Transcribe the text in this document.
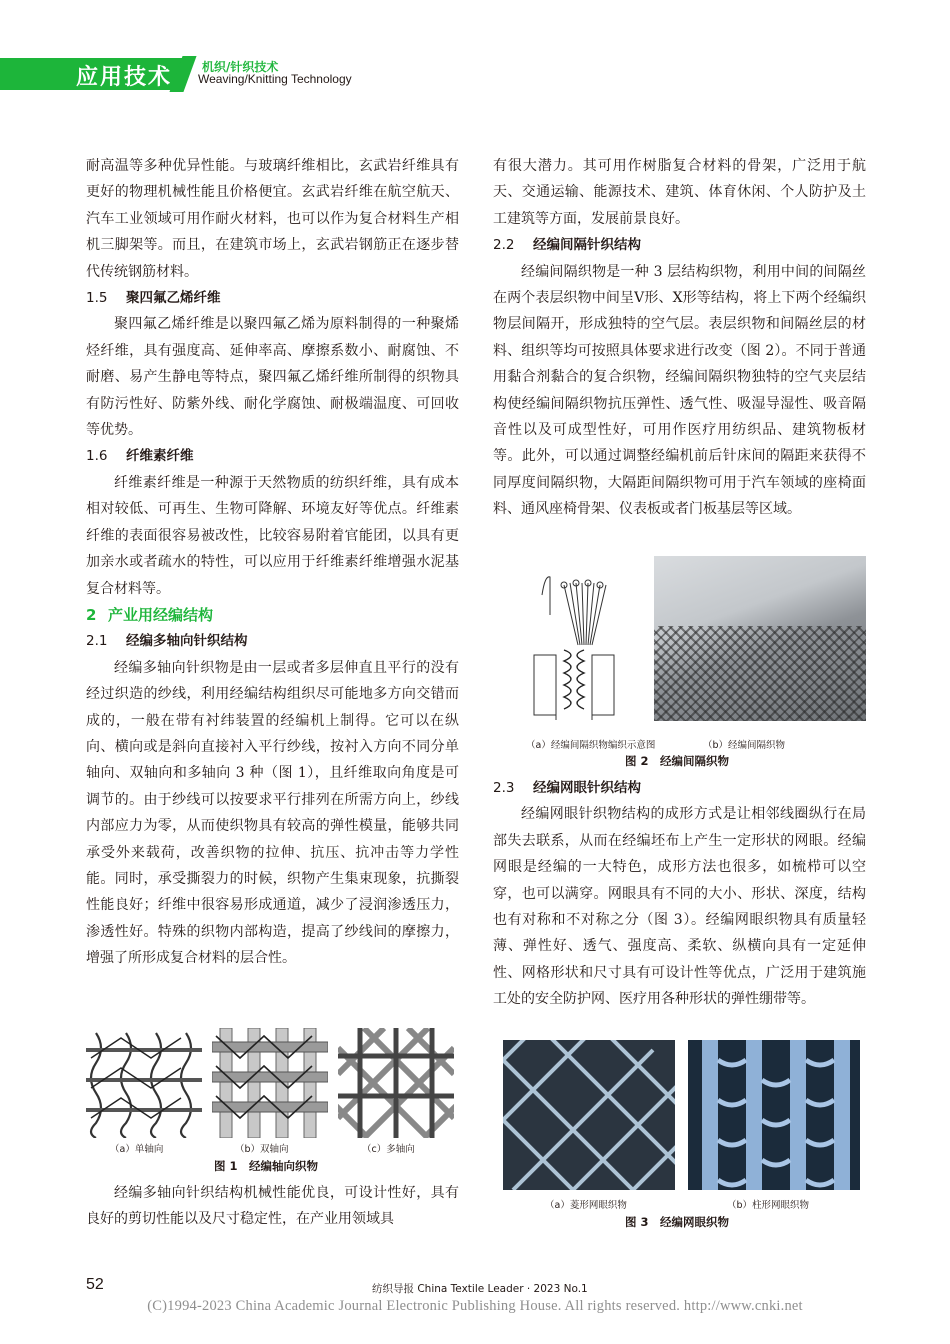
应用技术 机织/针织技术
Weaving/Knitting Technology

耐高温等多种优异性能。与玻璃纤维相比，玄武岩纤维具有更好的物理机械性能且价格便宜。玄武岩纤维在航空航天、汽车工业领域可用作耐火材料，也可以作为复合材料生产相机三脚架等。而且，在建筑市场上，玄武岩钢筋正在逐步替代传统钢筋材料。

1.5 聚四氟乙烯纤维

聚四氟乙烯纤维是以聚四氟乙烯为原料制得的一种聚烯烃纤维，具有强度高、延伸率高、摩擦系数小、耐腐蚀、不耐磨、易产生静电等特点，聚四氟乙烯纤维所制得的织物具有防污性好、防紫外线、耐化学腐蚀、耐极端温度、可回收等优势。

1.6 纤维素纤维

纤维素纤维是一种源于天然物质的纺织纤维，具有成本相对较低、可再生、生物可降解、环境友好等优点。纤维素纤维的表面很容易被改性，比较容易附着官能团，以具有更加亲水或者疏水的特性，可以应用于纤维素纤维增强水泥基复合材料等。

2 产业用经编结构
2.1 经编多轴向针织结构

经编多轴向针织物是由一层或者多层伸直且平行的没有经过织造的纱线，利用经编结构组织尽可能地多方向交错而成的，一般在带有衬纬装置的经编机上制得。它可以在纵向、横向或是斜向直接衬入平行纱线，按衬入方向不同分单轴向、双轴向和多轴向 3 种（图 1），且纤维取向角度是可调节的。由于纱线可以按要求平行排列在所需方向上，纱线内部应力为零，从而使织物具有较高的弹性模量，能够共同承受外来载荷，改善织物的拉伸、抗压、抗冲击等力学性能。同时，承受撕裂力的时候，织物产生集束现象，抗撕裂性能良好；纤维中很容易形成通道，减少了浸润渗透压力，渗透性好。特殊的织物内部构造，提高了纱线间的摩擦力，增强了所形成复合材料的层合性。

（a）单轴向	（b）双轴向	（c）多轴向
图 1　经编轴向织物

经编多轴向针织结构机械性能优良，可设计性好，具有良好的剪切性能以及尺寸稳定性，在产业用领域具

有很大潜力。其可用作树脂复合材料的骨架，广泛用于航天、交通运输、能源技术、建筑、体育休闲、个人防护及土工建筑等方面，发展前景良好。

2.2 经编间隔针织结构

经编间隔织物是一种 3 层结构织物，利用中间的间隔丝在两个表层织物中间呈V形、X形等结构，将上下两个经编织物层间隔开，形成独特的空气层。表层织物和间隔丝层的材料、组织等均可按照具体要求进行改变（图 2）。不同于普通用黏合剂黏合的复合织物，经编间隔织物独特的空气夹层结构使经编间隔织物抗压弹性、透气性、吸湿导湿性、吸音隔音性以及可成型性好，可用作医疗用纺织品、建筑物板材等。此外，可以通过调整经编机前后针床间的隔距来获得不同厚度间隔织物，大隔距间隔织物可用于汽车领域的座椅面料、通风座椅骨架、仪表板或者门板基层等区域。

（a）经编间隔织物编织示意图	（b）经编间隔织物
图 2　经编间隔织物
2.3 经编网眼针织结构

经编网眼针织物结构的成形方式是让相邻线圈纵行在局部失去联系，从而在经编坯布上产生一定形状的网眼。经编网眼是经编的一大特色，成形方法也很多，如梳栉可以空穿，也可以满穿。网眼具有不同的大小、形状、深度，结构也有对称和不对称之分（图 3）。经编网眼织物具有质量轻薄、弹性好、透气、强度高、柔软、纵横向具有一定延伸性、网格形状和尺寸具有可设计性等优点，广泛用于建筑施工处的安全防护网、医疗用各种形状的弹性绷带等。

（a）菱形网眼织物	（b）柱形网眼织物
图 3　经编网眼织物
52	纺织导报 China Textile Leader · 2023 No.1
(C)1994-2023 China Academic Journal Electronic Publishing House. All rights reserved. http://www.cnki.net
